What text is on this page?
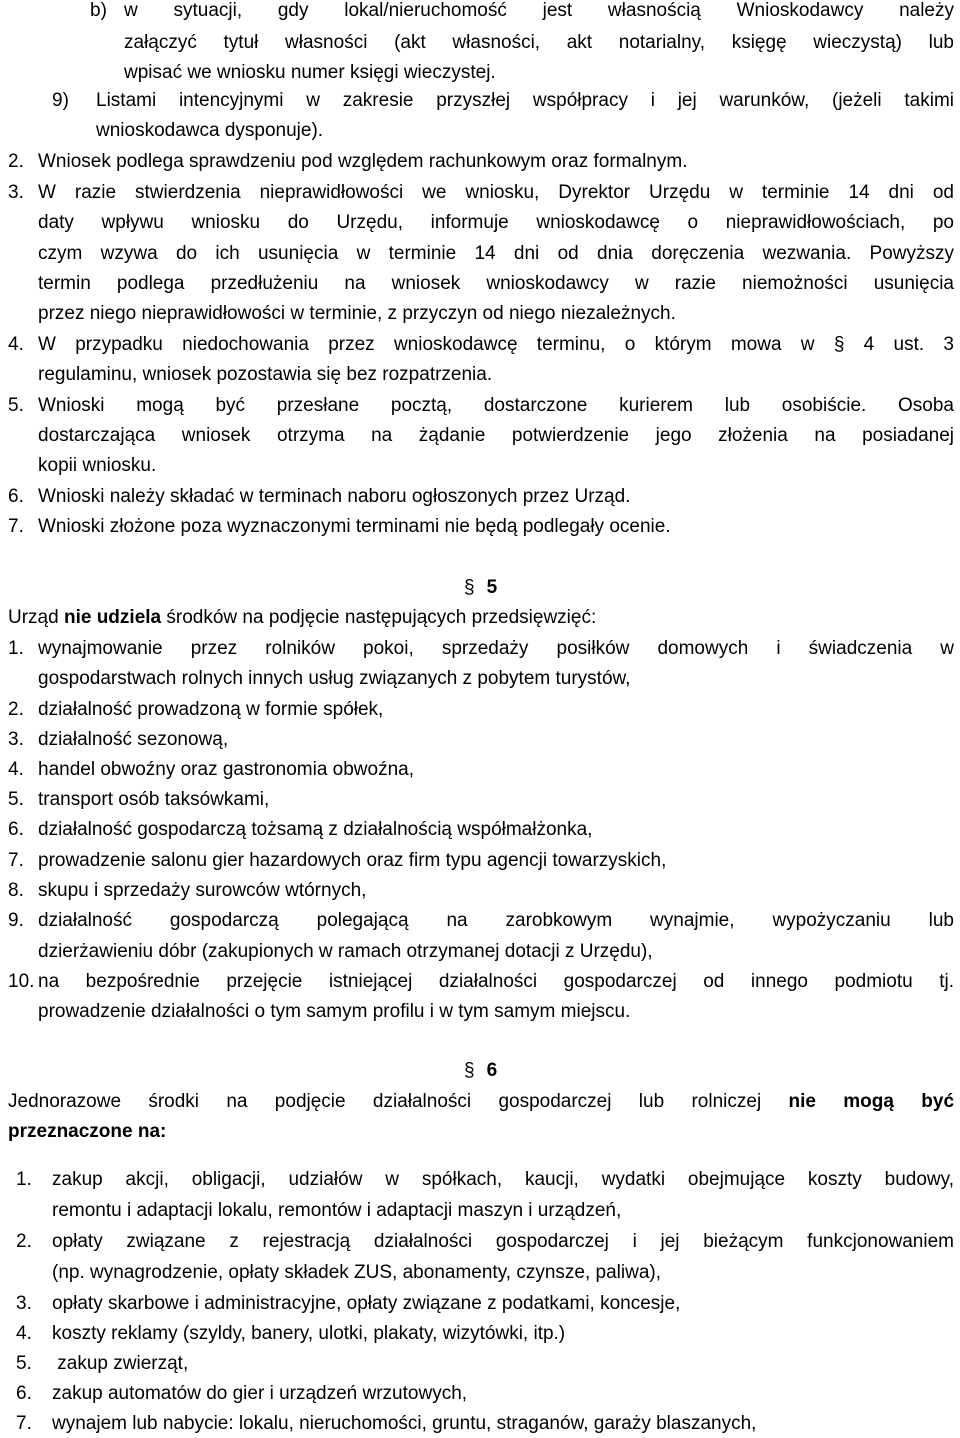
b) w sytuacji, gdy lokal/nieruchomość jest własnością Wnioskodawcy należy
załączyć tytuł własności (akt własności, akt notarialny, księgę wieczystą) lub
wpisać we wniosku numer księgi wieczystej.
9) Listami intencyjnymi w zakresie przyszłej współpracy i jej warunków, (jeżeli takimi
wnioskodawca dysponuje).
2. Wniosek podlega sprawdzeniu pod względem rachunkowym oraz formalnym.
3. W razie stwierdzenia nieprawidłowości we wniosku, Dyrektor Urzędu w terminie 14 dni od
daty wpływu wniosku do Urzędu, informuje wnioskodawcę o nieprawidłowościach, po
czym wzywa do ich usunięcia w terminie 14 dni od dnia doręczenia wezwania. Powyższy
termin podlega przedłużeniu na wniosek wnioskodawcy w razie niemożności usunięcia
przez niego nieprawidłowości w terminie, z przyczyn od niego niezależnych.
4. W przypadku niedochowania przez wnioskodawcę terminu, o którym mowa w § 4 ust. 3
regulaminu, wniosek pozostawia się bez rozpatrzenia.
5. Wnioski mogą być przesłane pocztą, dostarczone kurierem lub osobiście. Osoba
dostarczająca wniosek otrzyma na żądanie potwierdzenie jego złożenia na posiadanej
kopii wniosku.
6. Wnioski należy składać w terminach naboru ogłoszonych przez Urząd.
7. Wnioski złożone poza wyznaczonymi terminami nie będą podlegały ocenie.
§ 5
Urząd nie udziela środków na podjęcie następujących przedsięwzięć:
1. wynajmowanie przez rolników pokoi, sprzedaży posiłków domowych i świadczenia w
gospodarstwach rolnych innych usług związanych z pobytem turystów,
2. działalność prowadzoną w formie spółek,
3. działalność sezonową,
4. handel obwoźny oraz gastronomia obwoźna,
5. transport osób taksówkami,
6. działalność gospodarczą tożsamą z działalnością współmałżonka,
7. prowadzenie salonu gier hazardowych oraz firm typu agencji towarzyskich,
8. skupu i sprzedaży surowców wtórnych,
9. działalność gospodarczą polegającą na zarobkowym wynajmie, wypożyczaniu lub
dzierżawieniu dóbr (zakupionych w ramach otrzymanej dotacji z Urzędu),
10. na bezpośrednie przejęcie istniejącej działalności gospodarczej od innego podmiotu tj.
prowadzenie działalności o tym samym profilu i w tym samym miejscu.
§ 6
Jednorazowe środki na podjęcie działalności gospodarczej lub rolniczej nie mogą być
przeznaczone na:
1. zakup akcji, obligacji, udziałów w spółkach, kaucji, wydatki obejmujące koszty budowy,
remontu i adaptacji lokalu, remontów i adaptacji maszyn i urządzeń,
2. opłaty związane z rejestracją działalności gospodarczej i jej bieżącym funkcjonowaniem
(np. wynagrodzenie, opłaty składek ZUS, abonamenty, czynsze, paliwa),
3. opłaty skarbowe i administracyjne, opłaty związane z podatkami, koncesje,
4. koszty reklamy (szyldy, banery, ulotki, plakaty, wizytówki, itp.)
5. zakup zwierząt,
6. zakup automatów do gier i urządzeń wrzutowych,
7. wynajem lub nabycie: lokalu, nieruchomości, gruntu, straganów, garaży blaszanych,
